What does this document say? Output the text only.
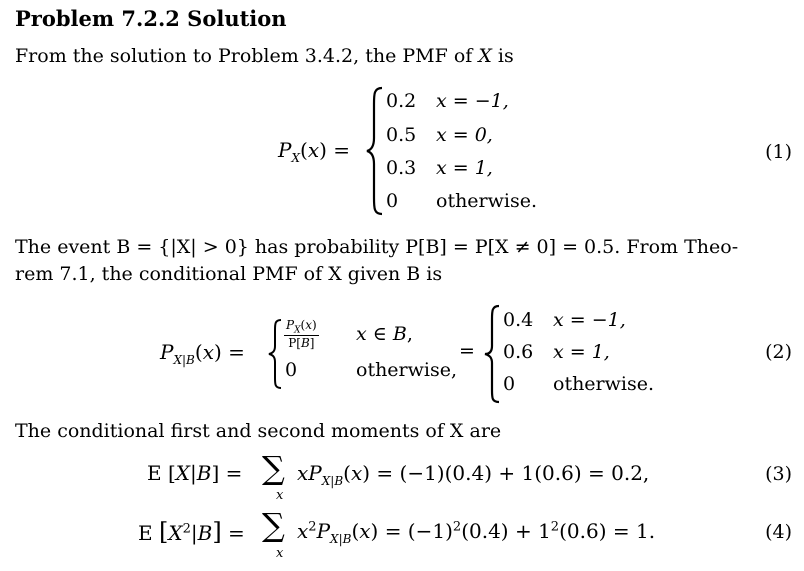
Problem 7.2.2 Solution
From the solution to Problem 3.4.2, the PMF of X is
$P_X(x)$ =
0.2 x = −1,
0.5 x = 0,
0.3 x = 1,
0 otherwise.
(1)
The event B = {|X| > 0} has probability P[B] = P[X ≠ 0] = 0.5. From Theo-
rem 7.1, the conditional PMF of X given B is
$P_{X|B}(x)$ =
$\frac{P_X(x)}{P[B]}$ x ∈ B,
0	otherwise,
=
0.4 x = −1,
0.6 x = 1,
0 otherwise.
(2)
The conditional first and second moments of X are
E [X|B] = ∑
x
$xP_{X|B}(x) = (-1)(0.4) + 1(0.6) = 0.2$,	(3)
E $[X^2|B]$ = ∑
x
$x^2P_{X|B}(x) = (-1)^2(0.4) + 1^2(0.6) = 1$.	(4)
